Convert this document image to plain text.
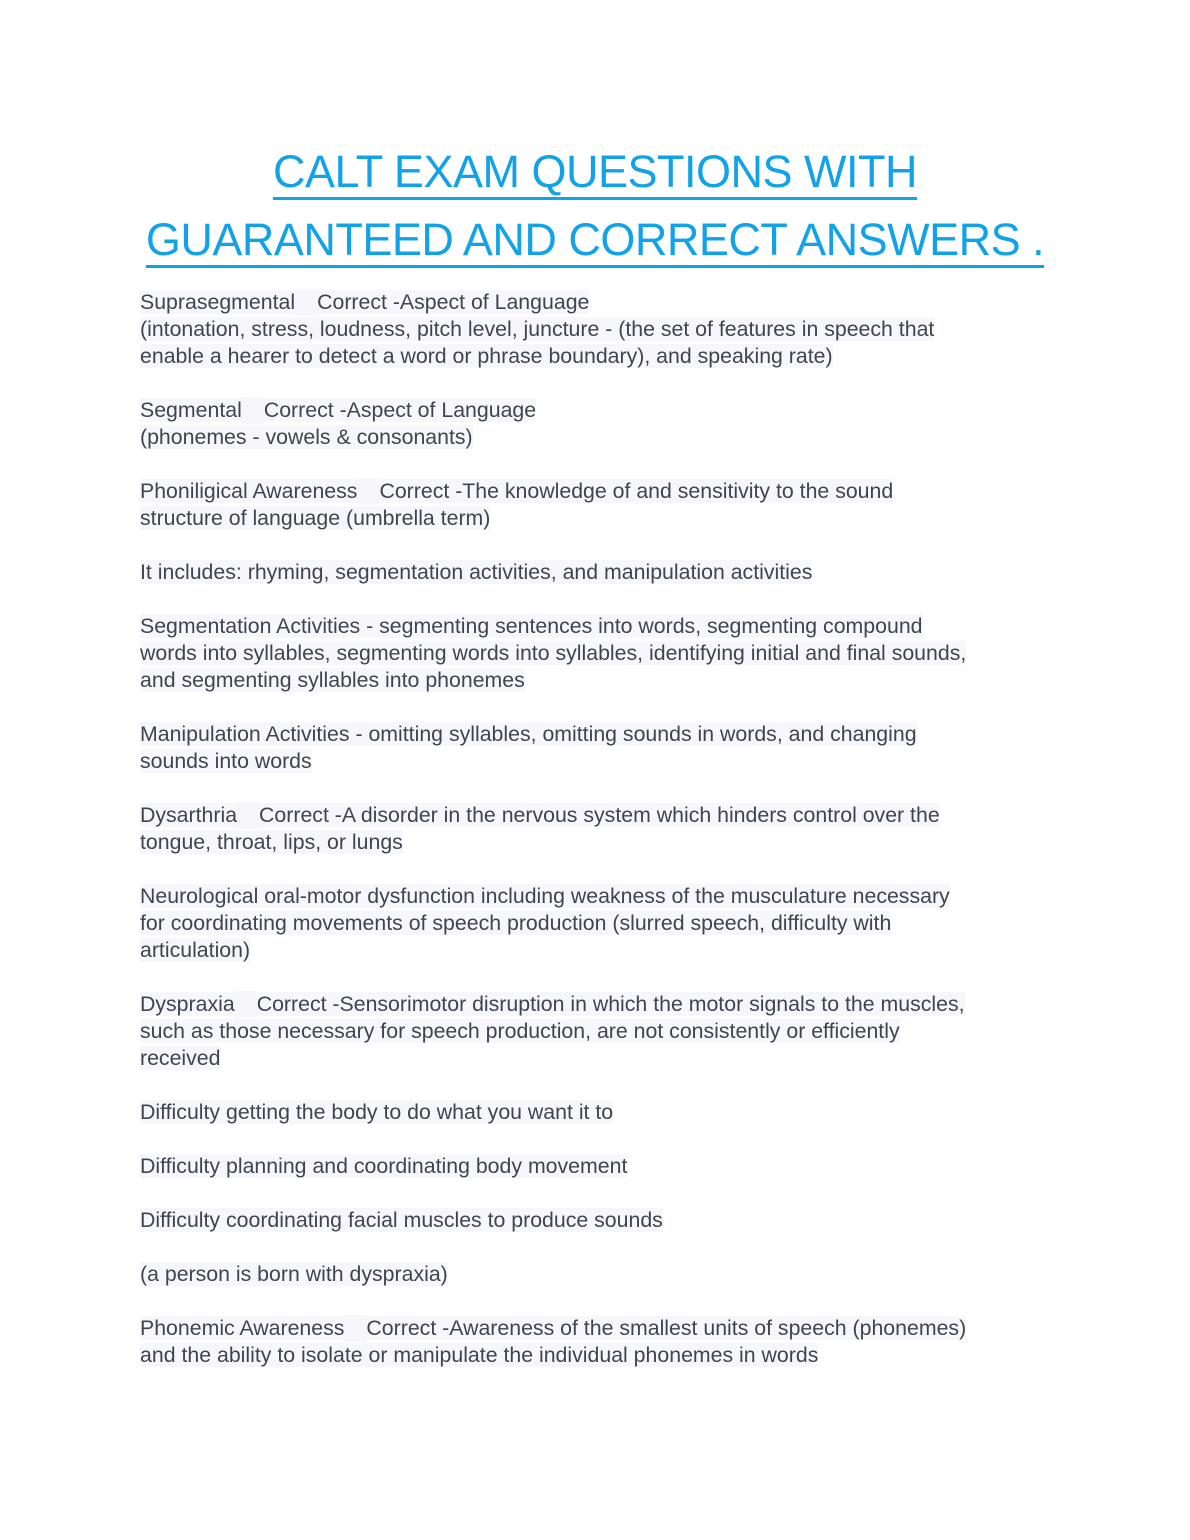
CALT EXAM QUESTIONS WITH
GUARANTEED AND CORRECT ANSWERS .
Suprasegmental Correct -Aspect of Language
(intonation, stress, loudness, pitch level, juncture - (the set of features in speech that
enable a hearer to detect a word or phrase boundary), and speaking rate)
Segmental Correct -Aspect of Language
(phonemes - vowels & consonants)
Phoniligical Awareness Correct -The knowledge of and sensitivity to the sound
structure of language (umbrella term)
It includes: rhyming, segmentation activities, and manipulation activities
Segmentation Activities - segmenting sentences into words, segmenting compound
words into syllables, segmenting words into syllables, identifying initial and final sounds,
and segmenting syllables into phonemes
Manipulation Activities - omitting syllables, omitting sounds in words, and changing
sounds into words
Dysarthria Correct -A disorder in the nervous system which hinders control over the
tongue, throat, lips, or lungs
Neurological oral-motor dysfunction including weakness of the musculature necessary
for coordinating movements of speech production (slurred speech, difficulty with
articulation)
Dyspraxia Correct -Sensorimotor disruption in which the motor signals to the muscles,
such as those necessary for speech production, are not consistently or efficiently
received
Difficulty getting the body to do what you want it to
Difficulty planning and coordinating body movement
Difficulty coordinating facial muscles to produce sounds
(a person is born with dyspraxia)
Phonemic Awareness Correct -Awareness of the smallest units of speech (phonemes)
and the ability to isolate or manipulate the individual phonemes in words
